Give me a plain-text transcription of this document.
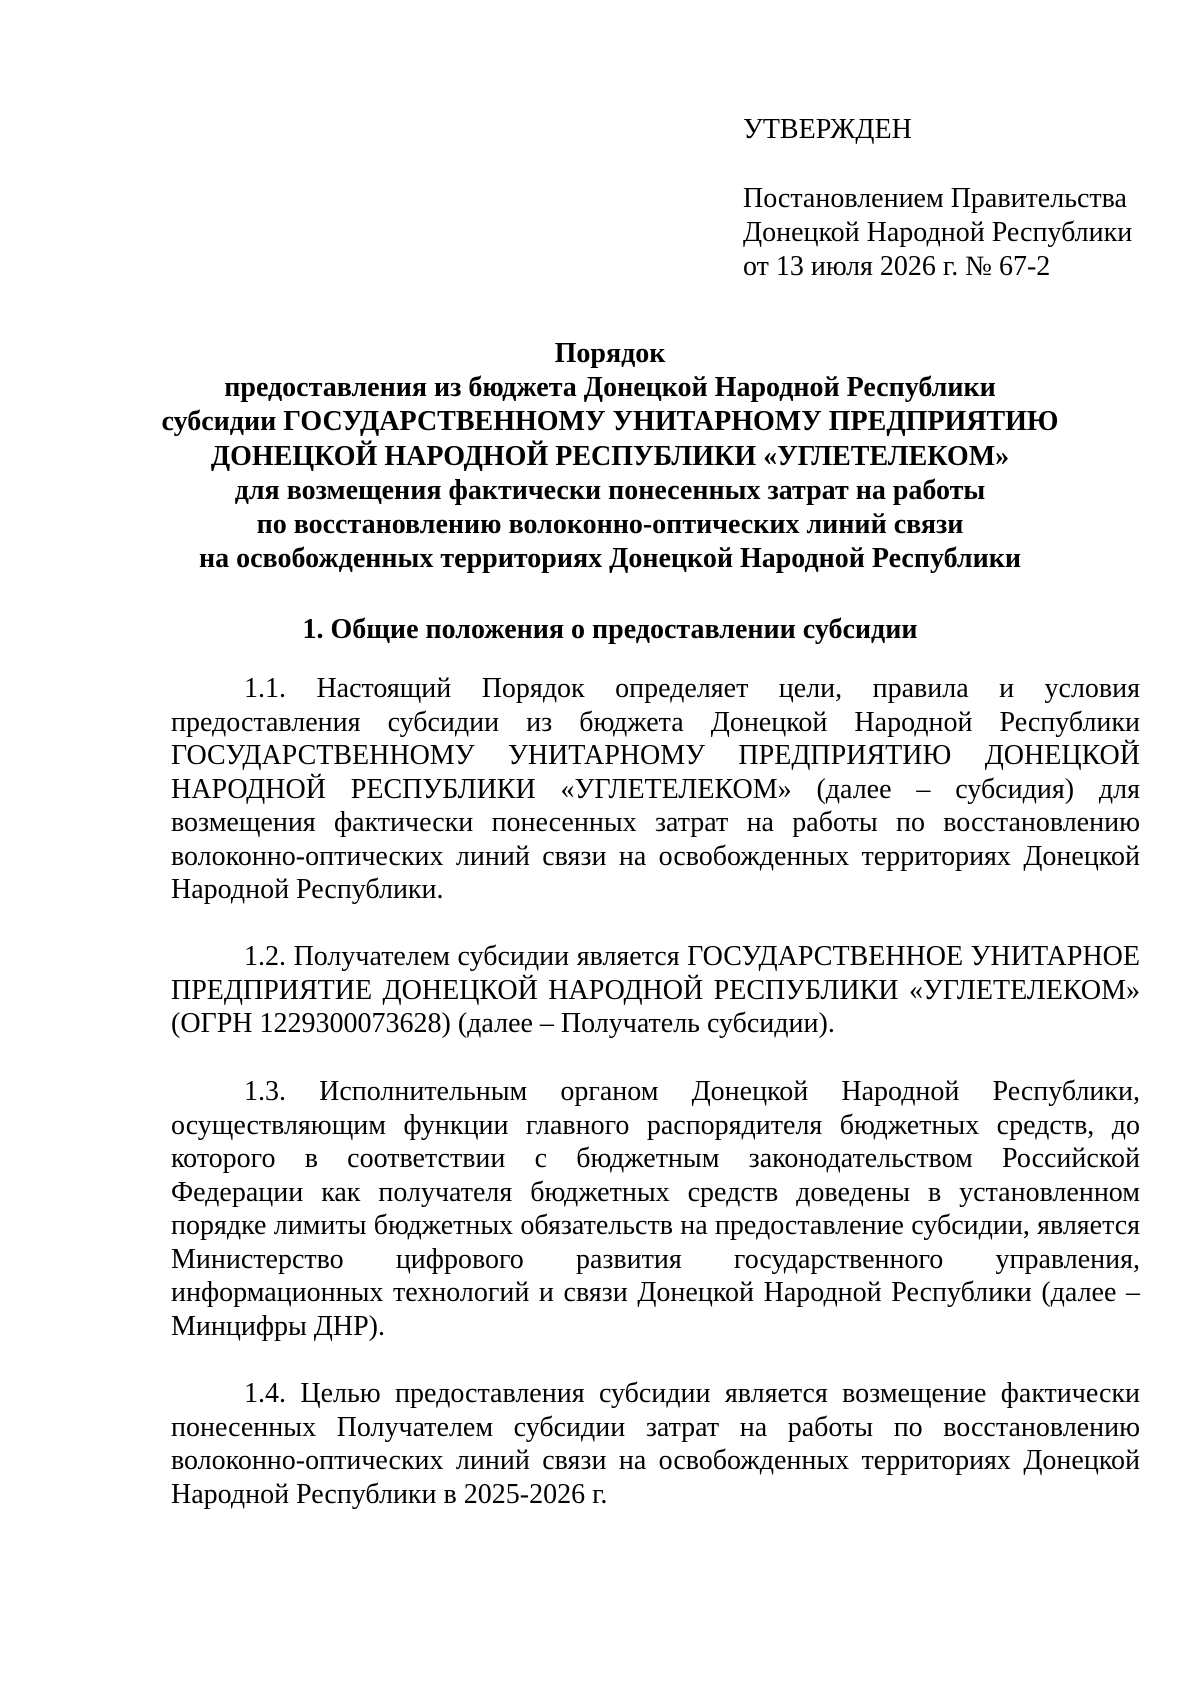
УТВЕРЖДЕН
Постановлением Правительства
Донецкой Народной Республики
от 13 июля 2026 г. № 67-2
Порядок
предоставления из бюджета Донецкой Народной Республики
субсидии ГОСУДАРСТВЕННОМУ УНИТАРНОМУ ПРЕДПРИЯТИЮ
ДОНЕЦКОЙ НАРОДНОЙ РЕСПУБЛИКИ «УГЛЕТЕЛЕКОМ»
для возмещения фактически понесенных затрат на работы
по восстановлению волоконно-оптических линий связи
на освобожденных территориях Донецкой Народной Республики
1. Общие положения о предоставлении субсидии

1.1. Настоящий Порядок определяет цели, правила и условия предоставления субсидии из бюджета Донецкой Народной Республики ГОСУДАРСТВЕННОМУ УНИТАРНОМУ ПРЕДПРИЯТИЮ ДОНЕЦКОЙ НАРОДНОЙ РЕСПУБЛИКИ «УГЛЕТЕЛЕКОМ» (далее – субсидия) для возмещения фактически понесенных затрат на работы по восстановлению волоконно-оптических линий связи на освобожденных территориях Донецкой Народной Республики.

1.2. Получателем субсидии является ГОСУДАРСТВЕННОЕ УНИТАРНОЕ ПРЕДПРИЯТИЕ ДОНЕЦКОЙ НАРОДНОЙ РЕСПУБЛИКИ «УГЛЕТЕЛЕКОМ» (ОГРН 1229300073628) (далее – Получатель субсидии).

1.3. Исполнительным органом Донецкой Народной Республики, осуществляющим функции главного распорядителя бюджетных средств, до которого в соответствии с бюджетным законодательством Российской Федерации как получателя бюджетных средств доведены в установленном порядке лимиты бюджетных обязательств на предоставление субсидии, является Министерство цифрового развития государственного управления, информационных технологий и связи Донецкой Народной Республики (далее – Минцифры ДНР).

1.4. Целью предоставления субсидии является возмещение фактически понесенных Получателем субсидии затрат на работы по восстановлению волоконно-оптических линий связи на освобожденных территориях Донецкой Народной Республики в 2025-2026 г.
